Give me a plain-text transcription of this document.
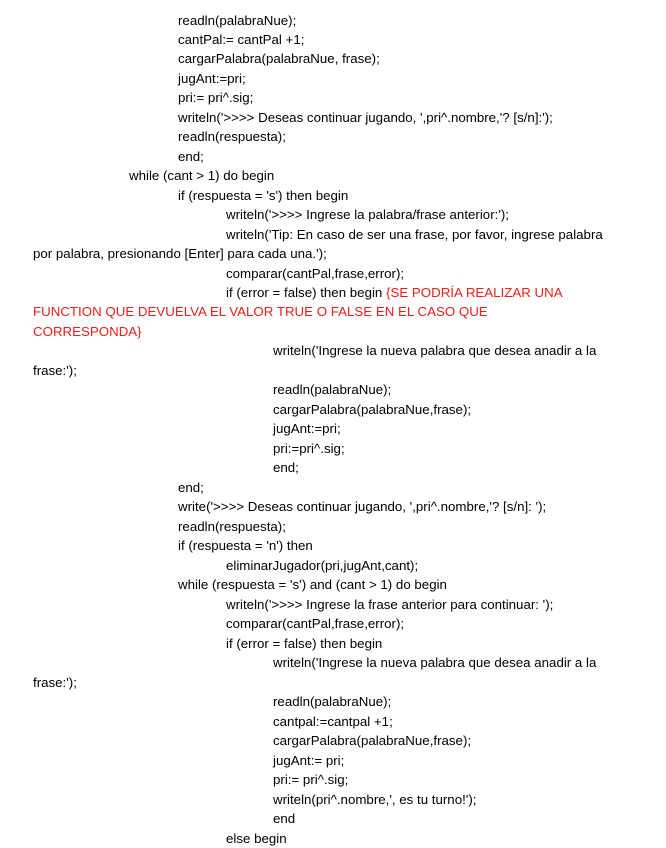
readln(palabraNue);
cantPal:= cantPal +1;
cargarPalabra(palabraNue, frase);
jugAnt:=pri;
pri:= pri^.sig;
writeln('>>>> Deseas continuar jugando, ',pri^.nombre,'? [s/n]:');
readln(respuesta);
end;
while (cant > 1) do begin
if (respuesta = 's') then begin
writeln('>>>> Ingrese la palabra/frase anterior:');
writeln('Tip: En caso de ser una frase, por favor, ingrese palabra
por palabra, presionando [Enter] para cada una.');
comparar(cantPal,frase,error);
if (error = false) then begin {SE PODRÍA REALIZAR UNA
FUNCTION QUE DEVUELVA EL VALOR TRUE O FALSE EN EL CASO QUE
CORRESPONDA}
writeln('Ingrese la nueva palabra que desea anadir a la
frase:');
readln(palabraNue);
cargarPalabra(palabraNue,frase);
jugAnt:=pri;
pri:=pri^.sig;
end;
end;
write('>>>> Deseas continuar jugando, ',pri^.nombre,'? [s/n]: ');
readln(respuesta);
if (respuesta = 'n') then
eliminarJugador(pri,jugAnt,cant);
while (respuesta = 's') and (cant > 1) do begin
writeln('>>>> Ingrese la frase anterior para continuar: ');
comparar(cantPal,frase,error);
if (error = false) then begin
writeln('Ingrese la nueva palabra que desea anadir a la
frase:');
readln(palabraNue);
cantpal:=cantpal +1;
cargarPalabra(palabraNue,frase);
jugAnt:= pri;
pri:= pri^.sig;
writeln(pri^.nombre,', es tu turno!');
end
else begin
